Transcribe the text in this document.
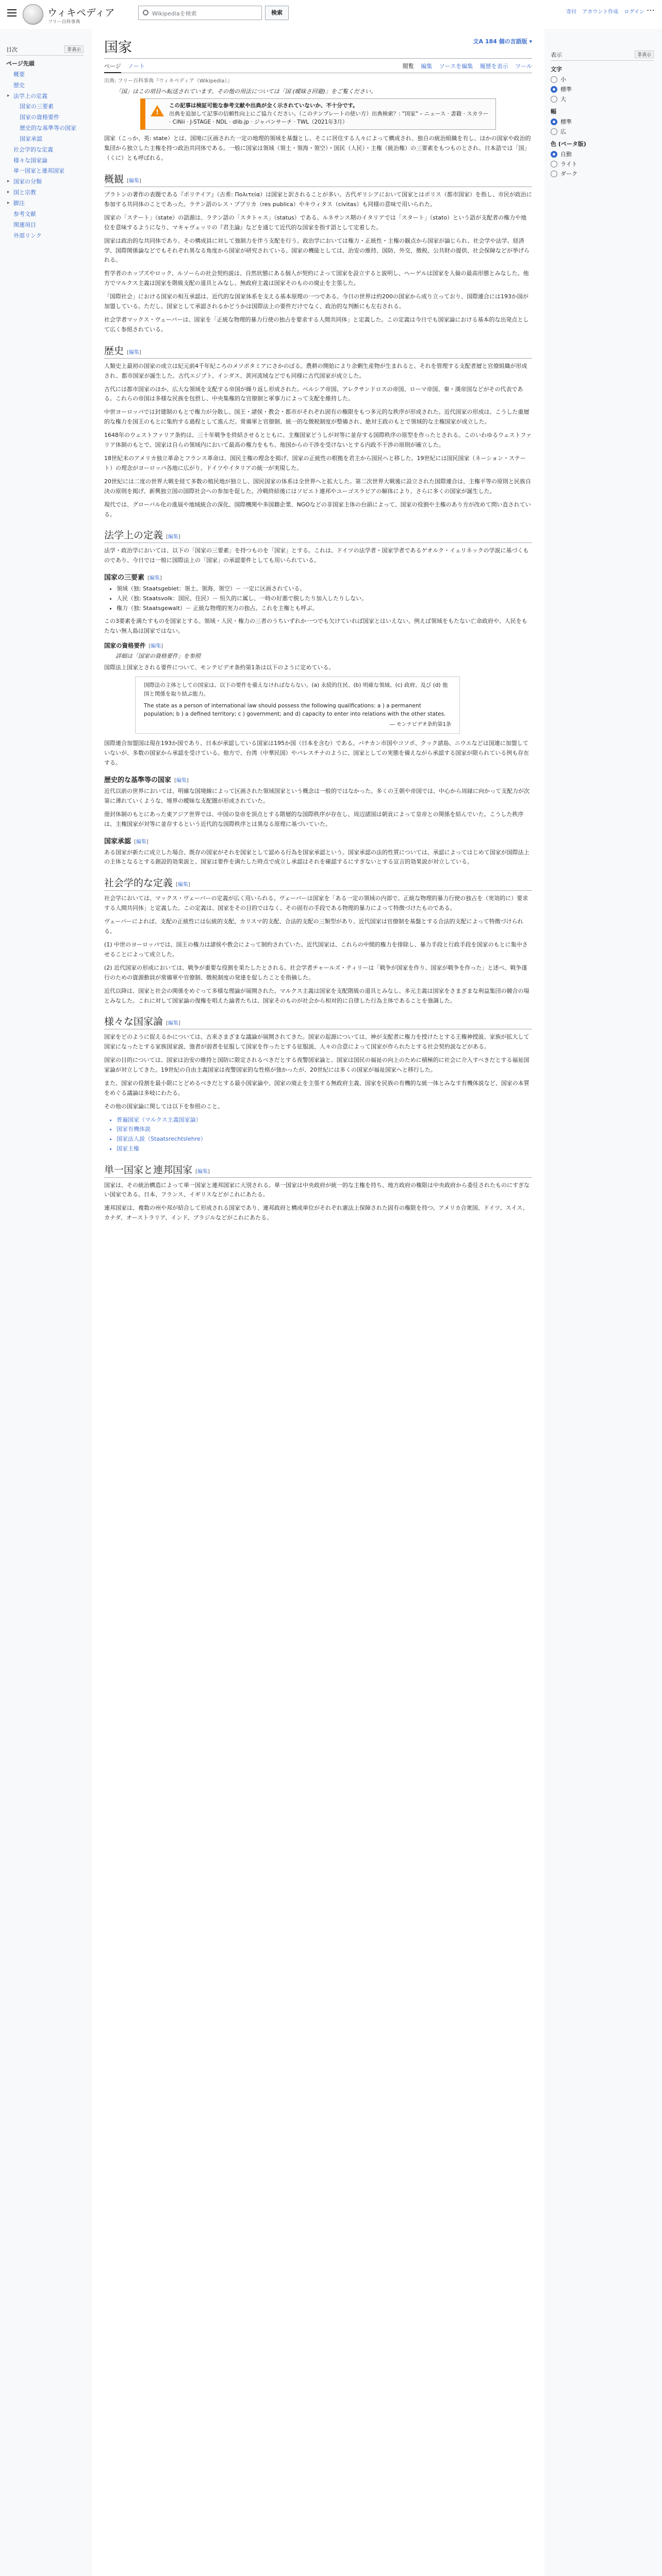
ウィキペディア
フリー百科事典
Wikipediaを検索	検索	寄付 アカウント作成 ログイン ⋯
目次	非表示
ページ先頭
概要
歴史
▸ 法学上の定義
国家の三要素
国家の資格要件
歴史的な基準等の国家
国家承認
社会学的な定義
様々な国家論
単一国家と連邦国家
▸ 国家の分類
▸ 国と宗教
▸ 脚注
参考文献
関連項目
外部リンク
文A 184 個の言語版 ▾
国家
ページ ノート	閲覧 編集 ソースを編集 履歴を表示 ツール
出典: フリー百科事典『ウィキペディア（Wikipedia）』
「国」はこの項目へ転送されています。その他の用法については「国 (曖昧さ回避)」をご覧ください。
!
この記事は検証可能な参考文献や出典が全く示されていないか、不十分です。
出典を追加して記事の信頼性向上にご協力ください。（このテンプレートの使い方）出典検索？: "国家" – ニュース · 書籍 · スカラー · CiNii · J-STAGE · NDL · dlib.jp · ジャパンサーチ · TWL（2021年3月）

国家（こっか、英: state）とは、国境に区画された一定の地理的領域を基盤とし、そこに居住する人々によって構成され、独自の統治組織を有し、ほかの国家や政治的集団から独立した主権を持つ政治共同体である。一般に国家は領域（領土・領海・領空）・国民（人民）・主権（統治権）の三要素をもつものとされ、日本語では「国」（くに）とも呼ばれる。

概観 [編集]

プラトンの著作の表題である『ポリテイア』（古希: Πολιτεία）は国家と訳されることが多い。古代ギリシアにおいて国家とはポリス（都市国家）を指し、市民が政治に参加する共同体のことであった。ラテン語のレス・プブリカ（res publica）やキウィタス（civitas）も同様の意味で用いられた。

国家の「ステート」（state）の語源は、ラテン語の「スタトゥス」（status）である。ルネサンス期のイタリアでは「スタート」（stato）という語が支配者の権力や地位を意味するようになり、マキャヴェッリの『君主論』などを通じて近代的な国家を指す語として定着した。

国家は政治的な共同体であり、その構成員に対して強制力を伴う支配を行う。政治学においては権力・正統性・主権の観点から国家が論じられ、社会学や法学、経済学、国際関係論などでもそれぞれ異なる角度から国家が研究されている。国家の機能としては、治安の維持、国防、外交、徴税、公共財の提供、社会保障などが挙げられる。

哲学者のホッブズやロック、ルソーらの社会契約説は、自然状態にある個人が契約によって国家を設立すると説明し、ヘーゲルは国家を人倫の最高形態とみなした。他方でマルクス主義は国家を階級支配の道具とみなし、無政府主義は国家そのものの廃止を主張した。

「国際社会」における国家の相互承認は、近代的な国家体系を支える基本原理の一つである。今日の世界は約200の国家から成り立っており、国際連合には193か国が加盟している。ただし、国家として承認されるかどうかは国際法上の要件だけでなく、政治的な判断にも左右される。

社会学者マックス・ヴェーバーは、国家を「正統な物理的暴力行使の独占を要求する人間共同体」と定義した。この定義は今日でも国家論における基本的な出発点として広く参照されている。

歴史 [編集]

人類史上最初の国家の成立は紀元前4千年紀ころのメソポタミアにさかのぼる。農耕の開始により余剰生産物が生まれると、それを管理する支配者層と官僚組織が形成され、都市国家が誕生した。古代エジプト、インダス、黄河流域などでも同様に古代国家が成立した。

古代には都市国家のほか、広大な領域を支配する帝国が繰り返し形成された。ペルシア帝国、アレクサンドロスの帝国、ローマ帝国、秦・漢帝国などがその代表である。これらの帝国は多様な民族を包摂し、中央集権的な官僚制と軍事力によって支配を維持した。

中世ヨーロッパでは封建制のもとで権力が分散し、国王・諸侯・教会・都市がそれぞれ固有の権限をもつ多元的な秩序が形成された。近代国家の形成は、こうした重層的な権力を国王のもとに集約する過程として進んだ。常備軍と官僚制、統一的な徴税制度が整備され、絶対王政のもとで領域的な主権国家が成立した。

1648年のウェストファリア条約は、三十年戦争を終結させるとともに、主権国家どうしが対等に並存する国際秩序の原型を作ったとされる。このいわゆるウェストファリア体制のもとで、国家は自らの領域内において最高の権力をもち、他国からの干渉を受けないとする内政不干渉の原則が確立した。

18世紀末のアメリカ独立革命とフランス革命は、国民主権の理念を掲げ、国家の正統性の根拠を君主から国民へと移した。19世紀には国民国家（ネーション・ステート）の理念がヨーロッパ各地に広がり、ドイツやイタリアの統一が実現した。

20世紀には二度の世界大戦を経て多数の植民地が独立し、国民国家の体系は全世界へと拡大した。第二次世界大戦後に設立された国際連合は、主権平等の原則と民族自決の原則を掲げ、新興独立国の国際社会への参加を促した。冷戦終結後にはソビエト連邦やユーゴスラビアの解体により、さらに多くの国家が誕生した。

現代では、グローバル化の進展や地域統合の深化、国際機関や多国籍企業、NGOなどの非国家主体の台頭によって、国家の役割や主権のあり方が改めて問い直されている。

法学上の定義 [編集]

法学・政治学においては、以下の「国家の三要素」を持つものを「国家」とする。これは、ドイツの法学者・国家学者であるゲオルク・イェリネックの学説に基づくものであり、今日では一般に国際法上の「国家」の承認要件としても用いられている。

国家の三要素 [編集]
• 領域（独: Staatsgebiet：領土、領海、領空）－ 一定に区画されている。
• 人民（独: Staatsvolk：国民、住民）－ 恒久的に属し、一時の好悪で脱したり加入したりしない。
• 権力（独: Staatsgewalt）－ 正統な物理的実力の独占。これを主権とも呼ぶ。

この3要素を満たすものを国家とする。領域・人民・権力の三者のうちいずれか一つでも欠けていれば国家とはいえない。例えば領域をもたない亡命政府や、人民をもたない無人島は国家ではない。

国家の資格要件 [編集]
詳細は「国家の資格要件」を参照

国際法上国家とされる要件について、モンテビデオ条約第1条は以下のように定めている。

国際法の主体としての国家は、以下の要件を備えなければならない。(a) 永続的住民、(b) 明確な領域、(c) 政府、及び (d) 他国と関係を取り結ぶ能力。
The state as a person of international law should possess the following qualifications: a ) a permanent population; b ) a defined territory; c ) government; and d) capacity to enter into relations with the other states.
― モンテビデオ条約第1条

国際連合加盟国は現在193か国であり、日本が承認している国家は195か国（日本を含む）である。バチカン市国やコソボ、クック諸島、ニウエなどは国連に加盟していないが、多数の国家から承認を受けている。他方で、台湾（中華民国）やパレスチナのように、国家としての実態を備えながら承認する国家が限られている例も存在する。

歴史的な基準等の国家 [編集]

近代以前の世界においては、明確な国境線によって区画された領域国家という概念は一般的ではなかった。多くの王朝や帝国では、中心から周縁に向かって支配力が次第に薄れていくような、境界の曖昧な支配圏が形成されていた。

冊封体制のもとにあった東アジア世界では、中国の皇帝を頂点とする階層的な国際秩序が存在し、周辺諸国は朝貢によって皇帝との関係を結んでいた。こうした秩序は、主権国家が対等に並存するという近代的な国際秩序とは異なる原理に基づいていた。

国家承認 [編集]

ある国家が新たに成立した場合、既存の国家がそれを国家として認める行為を国家承認という。国家承認の法的性質については、承認によってはじめて国家が国際法上の主体となるとする創設的効果説と、国家は要件を満たした時点で成立し承認はそれを確認するにすぎないとする宣言的効果説が対立している。

社会学的な定義 [編集]

社会学においては、マックス・ヴェーバーの定義が広く用いられる。ヴェーバーは国家を「ある一定の領域の内部で、正統な物理的暴力行使の独占を（実効的に）要求する人間共同体」と定義した。この定義は、国家をその目的ではなく、その固有の手段である物理的暴力によって特徴づけたものである。

ヴェーバーによれば、支配の正統性には伝統的支配、カリスマ的支配、合法的支配の三類型があり、近代国家は官僚制を基盤とする合法的支配によって特徴づけられる。

(1) 中世のヨーロッパでは、国王の権力は諸侯や教会によって制約されていた。近代国家は、これらの中間的権力を排除し、暴力手段と行政手段を国家のもとに集中させることによって成立した。

(2) 近代国家の形成においては、戦争が重要な役割を果たしたとされる。社会学者チャールズ・ティリーは「戦争が国家を作り、国家が戦争を作った」と述べ、戦争遂行のための資源動員が常備軍や官僚制、徴税制度の発達を促したことを指摘した。

近代以降は、国家と社会の関係をめぐって多様な理論が展開された。マルクス主義は国家を支配階級の道具とみなし、多元主義は国家をさまざまな利益集団の競合の場とみなした。これに対して国家論の復権を唱えた論者たちは、国家そのものが社会から相対的に自律した行為主体であることを強調した。

様々な国家論 [編集]

国家をどのように捉えるかについては、古来さまざまな議論が展開されてきた。国家の起源については、神が支配者に権力を授けたとする王権神授説、家族が拡大して国家になったとする家族国家説、強者が弱者を征服して国家を作ったとする征服説、人々の合意によって国家が作られたとする社会契約説などがある。

国家の目的については、国家は治安の維持と国防に限定されるべきだとする夜警国家論と、国家は国民の福祉の向上のために積極的に社会に介入すべきだとする福祉国家論が対立してきた。19世紀の自由主義国家は夜警国家的な性格が強かったが、20世紀には多くの国家が福祉国家へと移行した。

また、国家の役割を最小限にとどめるべきだとする最小国家論や、国家の廃止を主張する無政府主義、国家を民族の有機的な統一体とみなす有機体説など、国家の本質をめぐる議論は多岐にわたる。

その他の国家論に関しては以下を参照のこと。

• 普遍国家（マルクス主義国家論）
• 国家有機体説
• 国家法人説（Staatsrechtslehre）
• 国家主権
単一国家と連邦国家 [編集]

国家は、その統治構造によって単一国家と連邦国家に大別される。単一国家は中央政府が統一的な主権を持ち、地方政府の権限は中央政府から委任されたものにすぎない国家である。日本、フランス、イギリスなどがこれにあたる。

連邦国家は、複数の州や邦が結合して形成される国家であり、連邦政府と構成単位がそれぞれ憲法上保障された固有の権限を持つ。アメリカ合衆国、ドイツ、スイス、カナダ、オーストラリア、インド、ブラジルなどがこれにあたる。

表示	非表示
文字
小
標準
大
幅
標準
広
色 (ベータ版)
自動
ライト
ダーク
